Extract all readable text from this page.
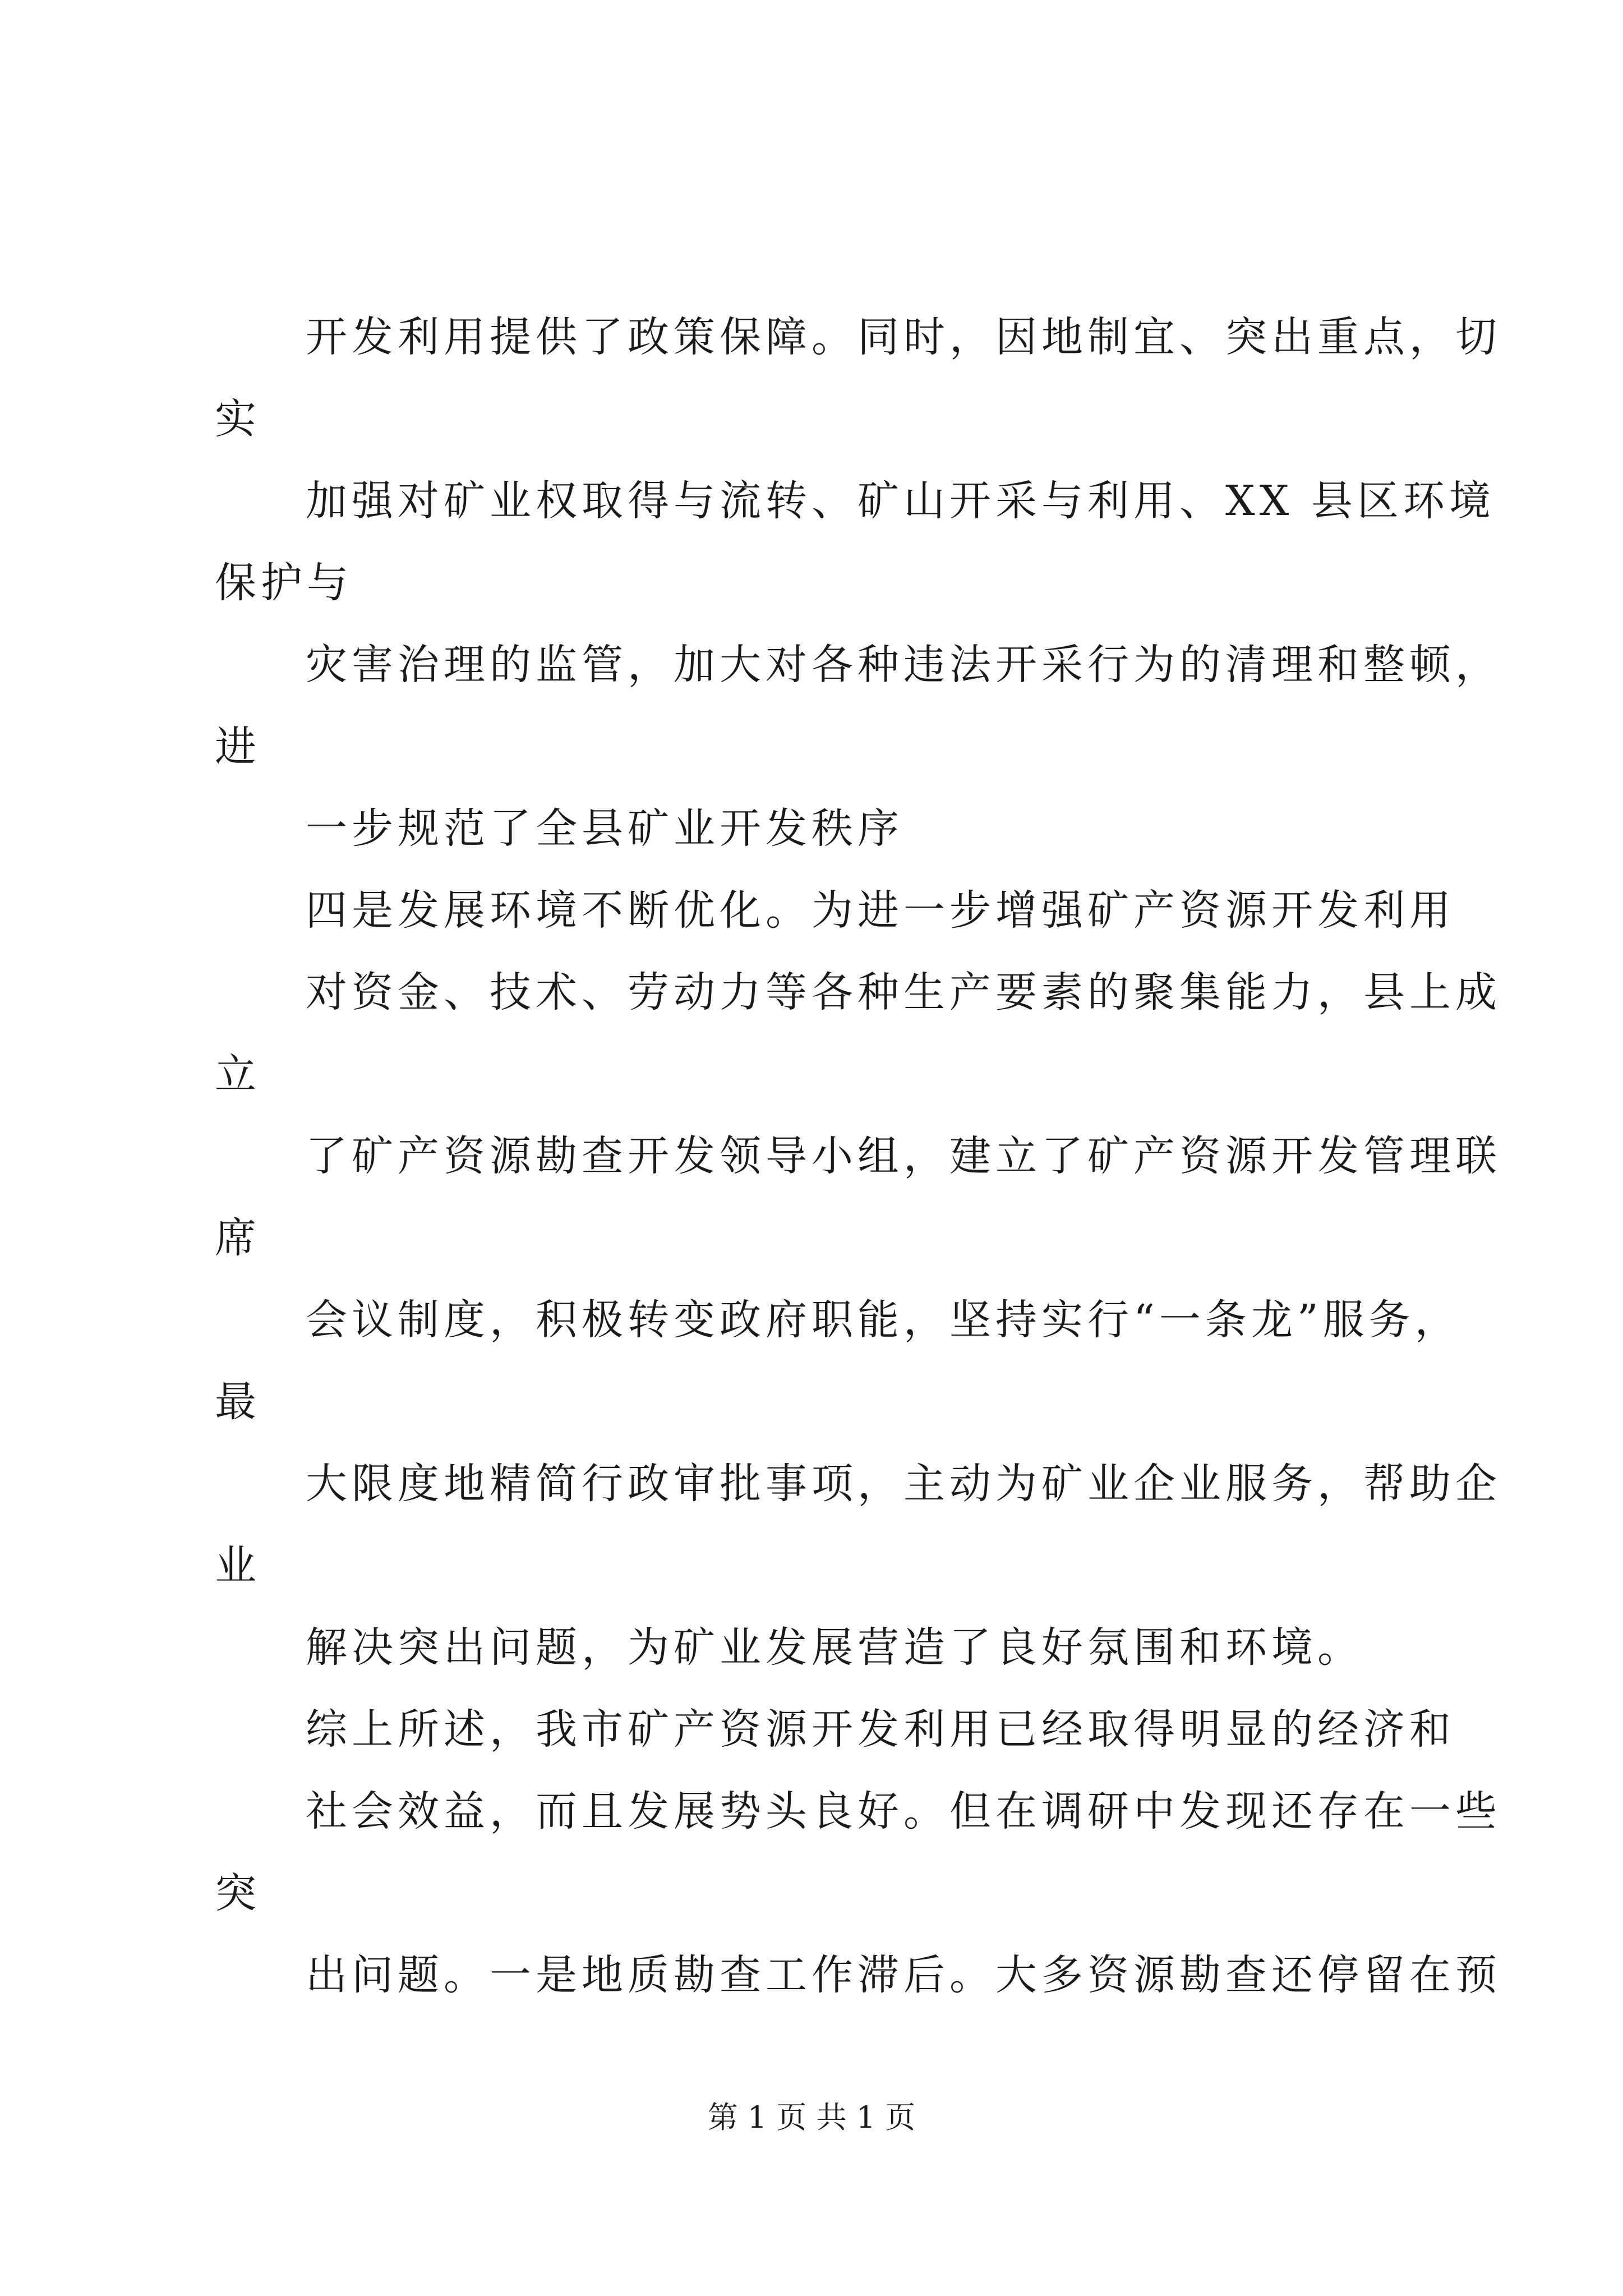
开发利用提供了政策保障。同时，因地制宜、突出重点，切
实
加强对矿业权取得与流转、矿山开采与利用、XX 县区环境
保护与
灾害治理的监管，加大对各种违法开采行为的清理和整顿，
进
一步规范了全县矿业开发秩序
四是发展环境不断优化。为进一步增强矿产资源开发利用
对资金、技术、劳动力等各种生产要素的聚集能力，县上成
立
了矿产资源勘查开发领导小组，建立了矿产资源开发管理联
席
会议制度，积极转变政府职能，坚持实行“一条龙”服务，
最
大限度地精简行政审批事项，主动为矿业企业服务，帮助企
业
解决突出问题，为矿业发展营造了良好氛围和环境。
综上所述，我市矿产资源开发利用已经取得明显的经济和
社会效益，而且发展势头良好。但在调研中发现还存在一些
突
出问题。一是地质勘查工作滞后。大多资源勘查还停留在预
第 1 页 共 1 页
